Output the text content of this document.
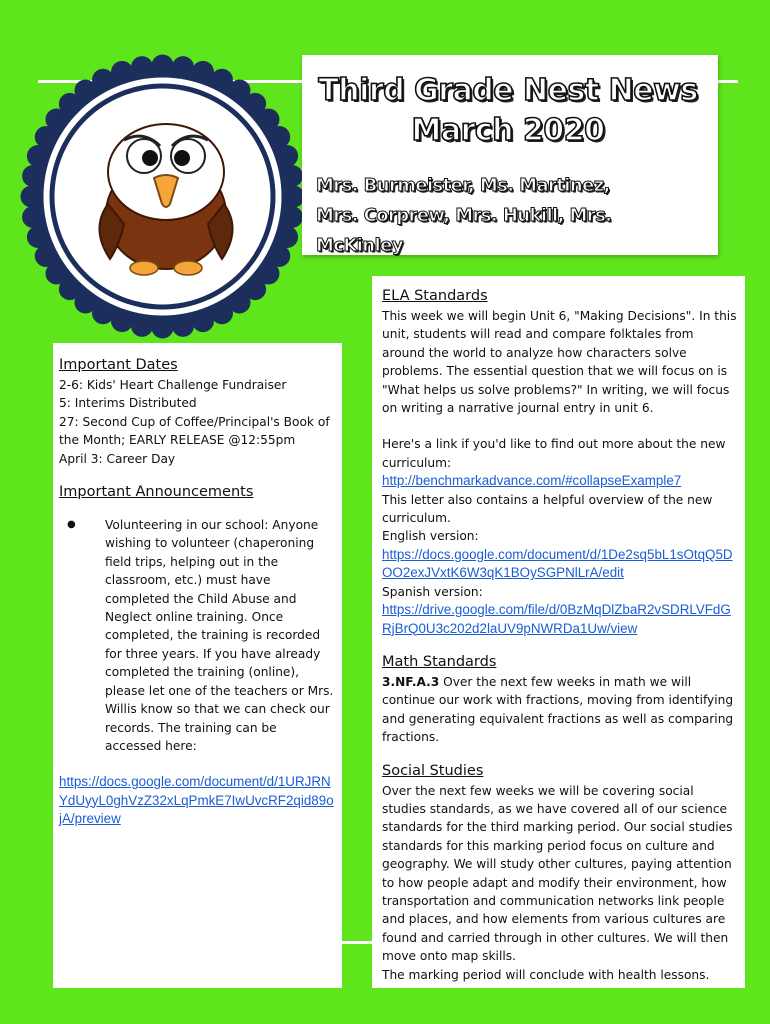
Third Grade Nest News
March 2020
Mrs. Burmeister, Ms. Martinez,
Mrs. Corprew, Mrs. Hukill, Mrs. McKinley
Important Dates
2-6: Kids' Heart Challenge Fundraiser
5: Interims Distributed
27: Second Cup of Coffee/Principal's Book of the Month; EARLY RELEASE @12:55pm
April 3: Career Day
Important Announcements
● Volunteering in our school: Anyone wishing to volunteer (chaperoning field trips, helping out in the classroom, etc.) must have completed the Child Abuse and Neglect online training. Once completed, the training is recorded for three years. If you have already completed the training (online), please let one of the teachers or Mrs. Willis know so that we can check our records. The training can be accessed here:
https://docs.google.com/document/d/1URJRNYdUyyL0ghVzZ32xLqPmkE7IwUvcRF2qid89ojA/preview
ELA Standards
This week we will begin Unit 6, "Making Decisions". In this unit, students will read and compare folktales from around the world to analyze how characters solve problems. The essential question that we will focus on is "What helps us solve problems?" In writing, we will focus on writing a narrative journal entry in unit 6.
Here's a link if you'd like to find out more about the new curriculum:
http://benchmarkadvance.com/#collapseExample7
This letter also contains a helpful overview of the new curriculum.
English version:
https://docs.google.com/document/d/1De2sq5bL1sOtqQ5DOO2exJVxtK6W3qK1BOySGPNlLrA/edit
Spanish version:
https://drive.google.com/file/d/0BzMqDlZbaR2vSDRLVFdGRjBrQ0U3c202d2laUV9pNWRDa1Uw/view
Math Standards
3.NF.A.3 Over the next few weeks in math we will continue our work with fractions, moving from identifying and generating equivalent fractions as well as comparing fractions.
Social Studies
Over the next few weeks we will be covering social studies standards, as we have covered all of our science standards for the third marking period. Our social studies standards for this marking period focus on culture and geography. We will study other cultures, paying attention to how people adapt and modify their environment, how transportation and communication networks link people and places, and how elements from various cultures are found and carried through in other cultures. We will then move onto map skills.
The marking period will conclude with health lessons.
